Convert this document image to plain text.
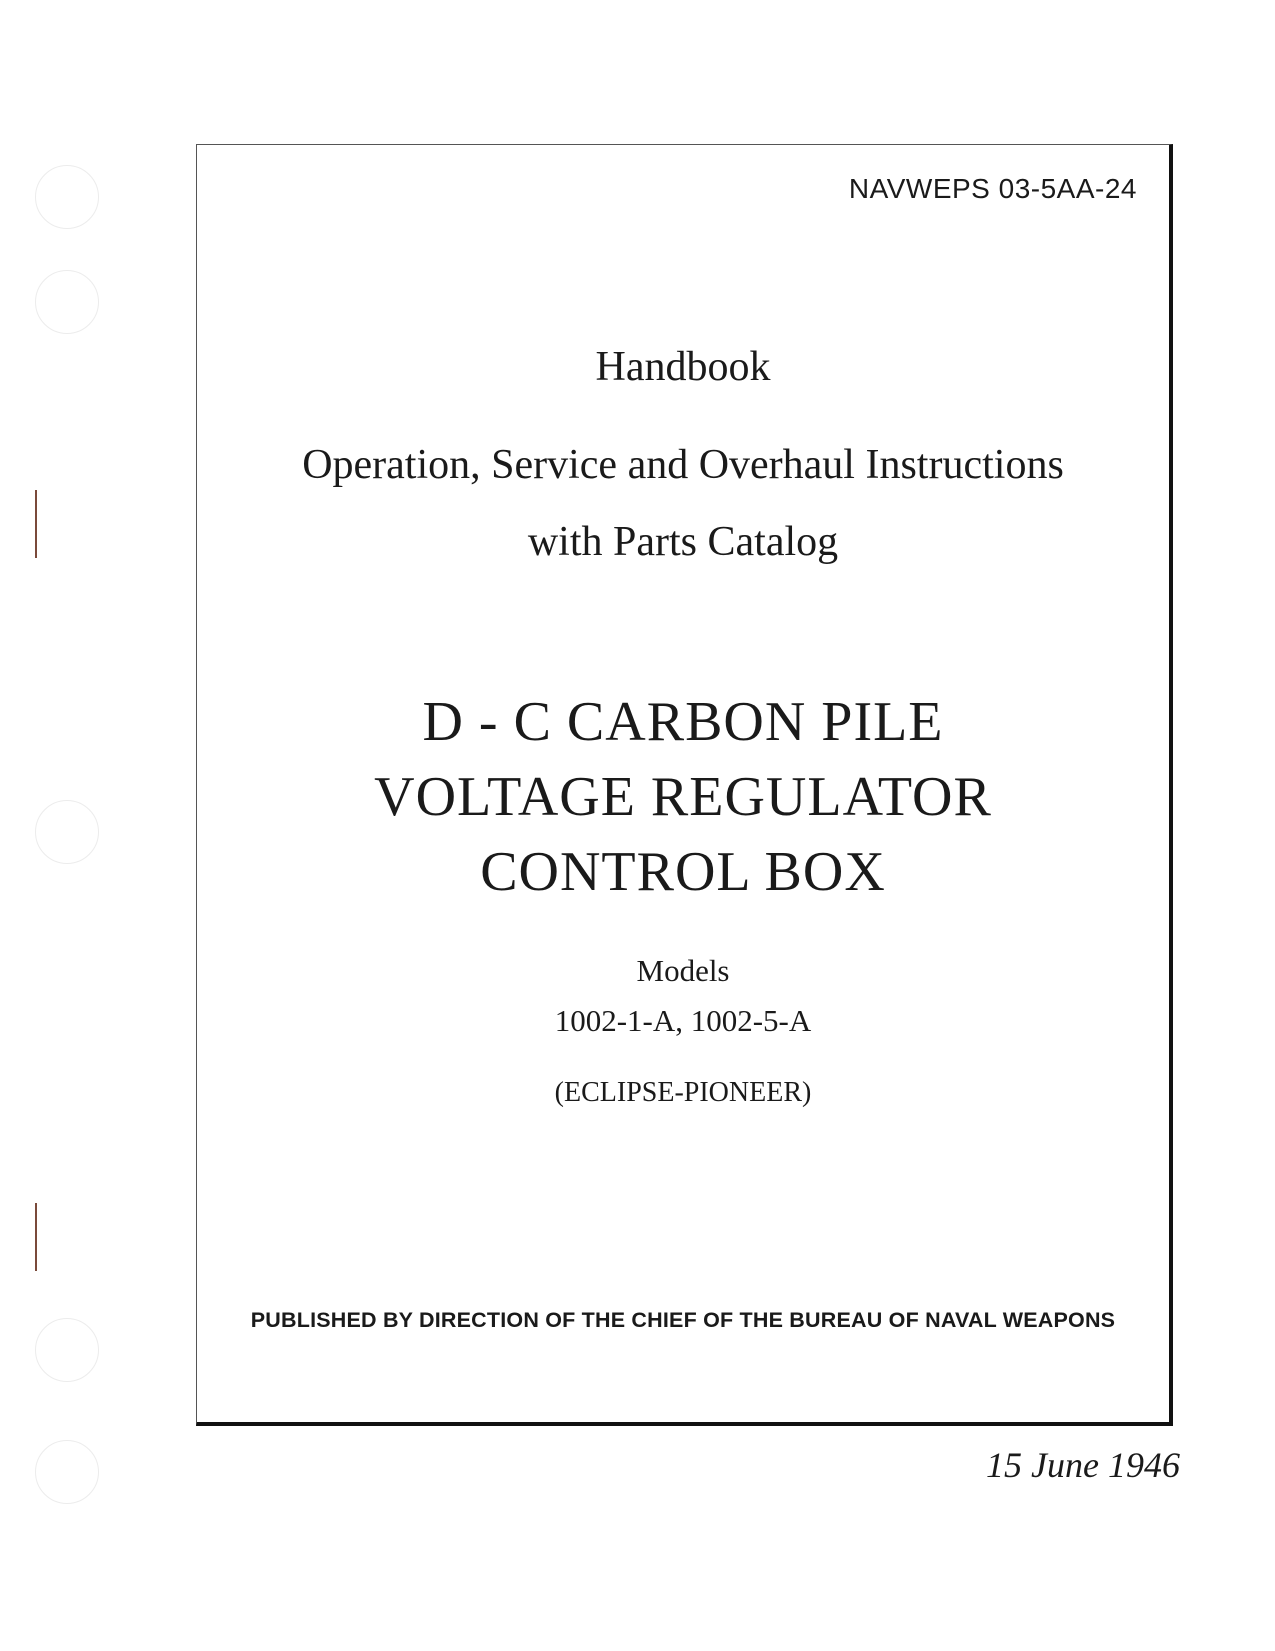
NAVWEPS 03-5AA-24
Handbook
Operation, Service and Overhaul Instructions
with Parts Catalog
D - C CARBON PILE
VOLTAGE REGULATOR
CONTROL BOX
Models
1002-1-A, 1002-5-A
(ECLIPSE-PIONEER)
PUBLISHED BY DIRECTION OF THE CHIEF OF THE BUREAU OF NAVAL WEAPONS
15 June 1946
